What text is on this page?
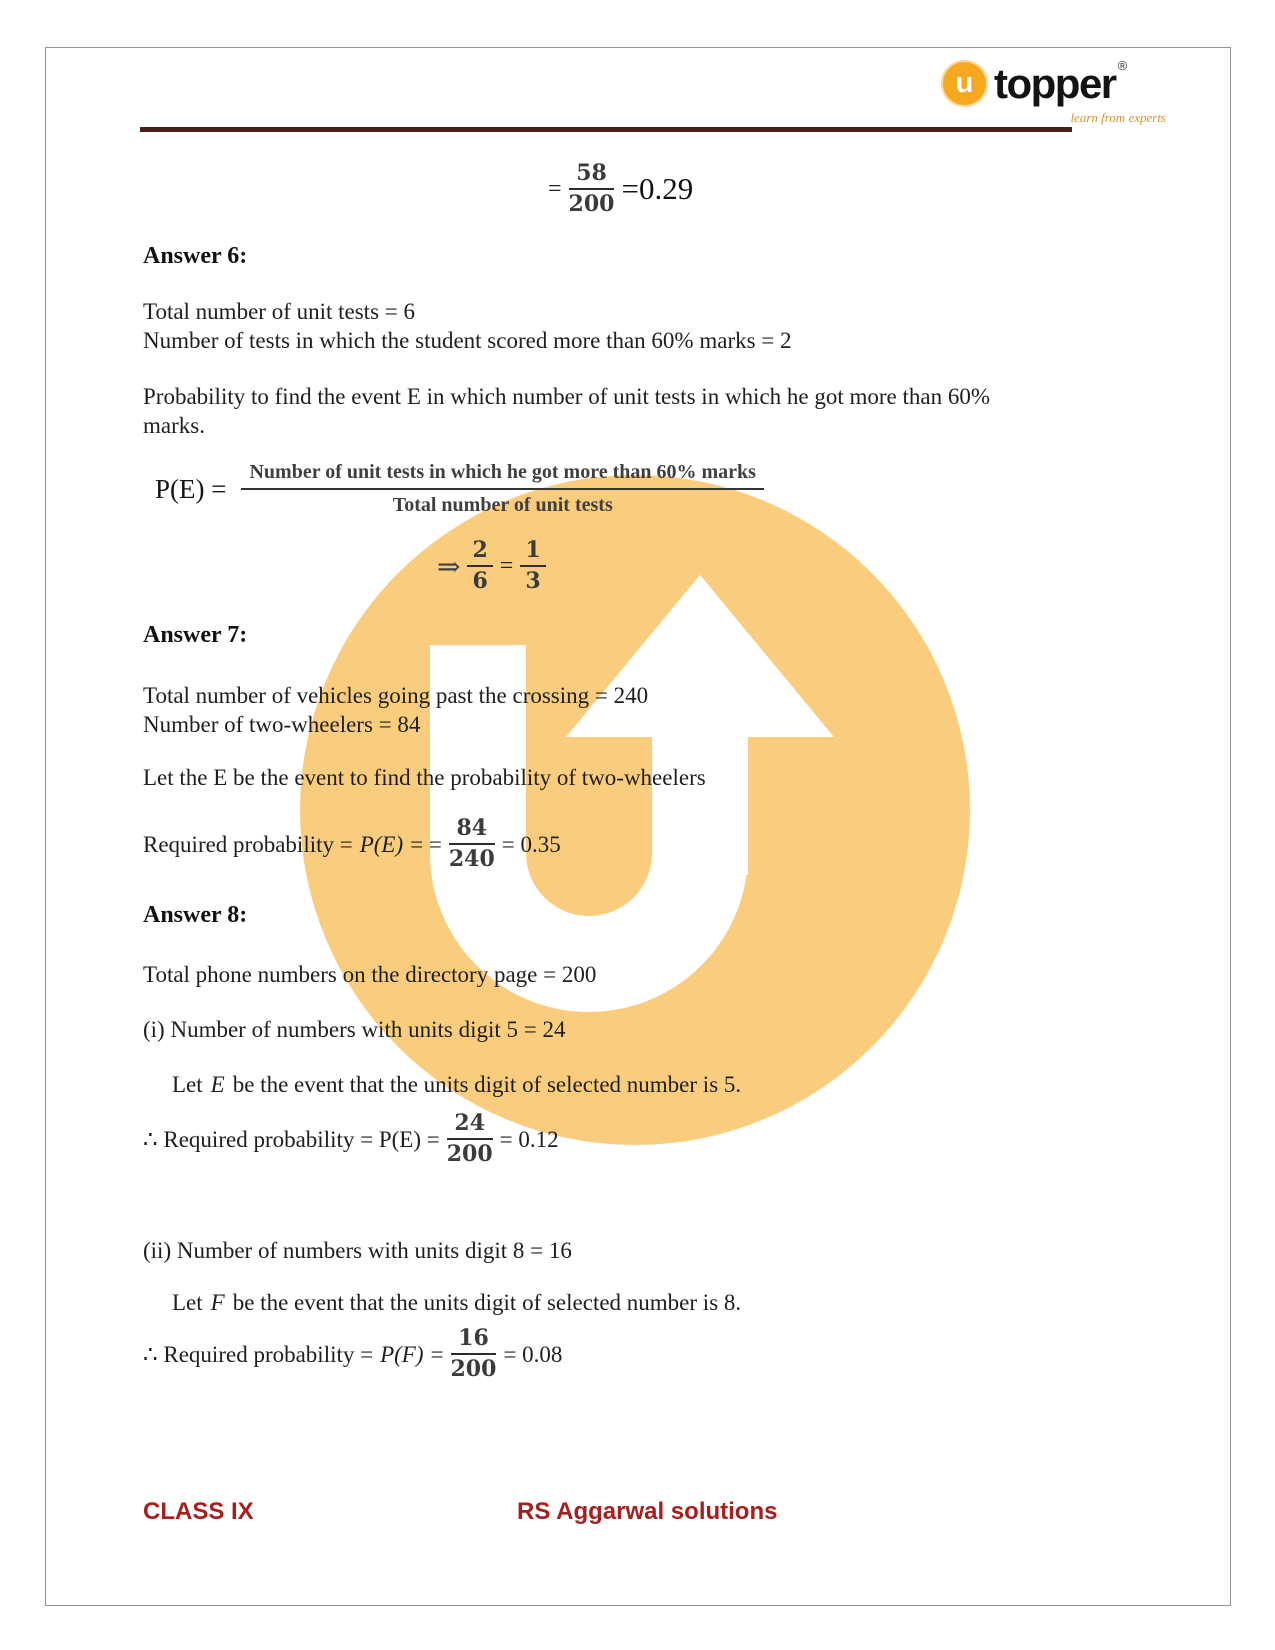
u topper ®
learn from experts
= $\frac{58}{200} =0.29$
Answer 6:
Total number of unit tests = 6
Number of tests in which the student scored more than 60% marks = 2
Probability to find the event E in which number of unit tests in which he got more than 60% marks.
$P(E) = \frac{\text{Number of unit tests in which he got more than 60\% marks}}{\text{Total number of unit tests}}$
⇒ $\frac{2}{6} = \frac{1}{3}$
Answer 7:
Total number of vehicles going past the crossing = 240
Number of two-wheelers = 84
Let the E be the event to find the probability of two-wheelers
Required probability = P(E) = = $\frac{84}{240} = 0.35$
Answer 8:
Total phone numbers on the directory page = 200
(i) Number of numbers with units digit 5 = 24
Let E be the event that the units digit of selected number is 5.
∴ Required probability = $P(E) = \frac{24}{200} = 0.12$
(ii) Number of numbers with units digit 8 = 16
Let F be the event that the units digit of selected number is 8.
∴ Required probability = $P(F) = \frac{16}{200} = 0.08$
CLASS IX	RS Aggarwal solutions
